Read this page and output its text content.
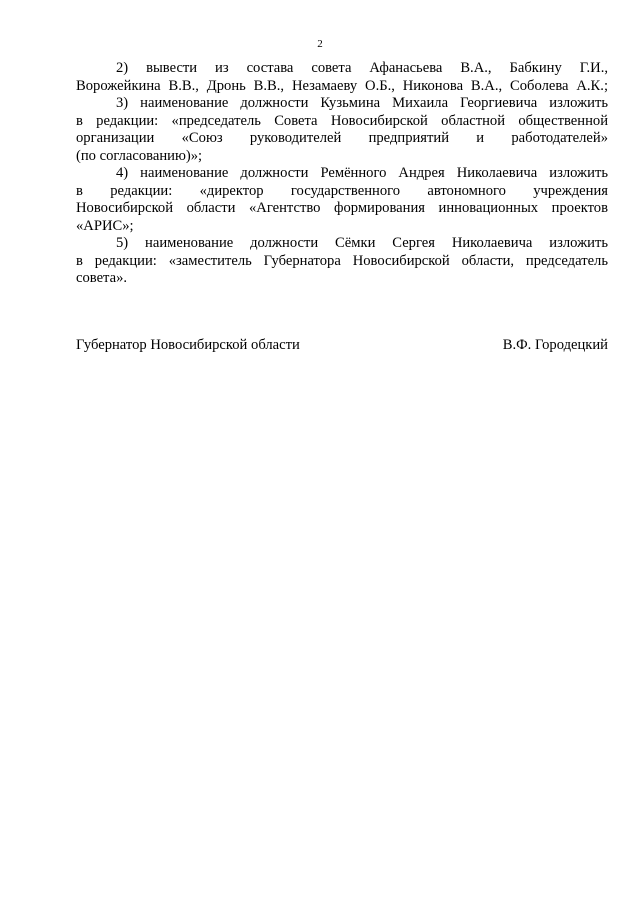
2
2) вывести из состава совета Афанасьева В.А., Бабкину Г.И.,
Ворожейкина В.В., Дронь В.В., Незамаеву О.Б., Никонова В.А., Соболева А.К.;
3) наименование должности Кузьмина Михаила Георгиевича изложить
в редакции: «председатель Совета Новосибирской областной общественной
организации «Союз руководителей предприятий и работодателей»
(по согласованию)»;
4) наименование должности Ремённого Андрея Николаевича изложить
в редакции: «директор государственного автономного учреждения
Новосибирской области «Агентство формирования инновационных проектов
«АРИС»;
5) наименование должности Сёмки Сергея Николаевича изложить
в редакции: «заместитель Губернатора Новосибирской области, председатель
совета».
Губернатор Новосибирской области	В.Ф. Городецкий
